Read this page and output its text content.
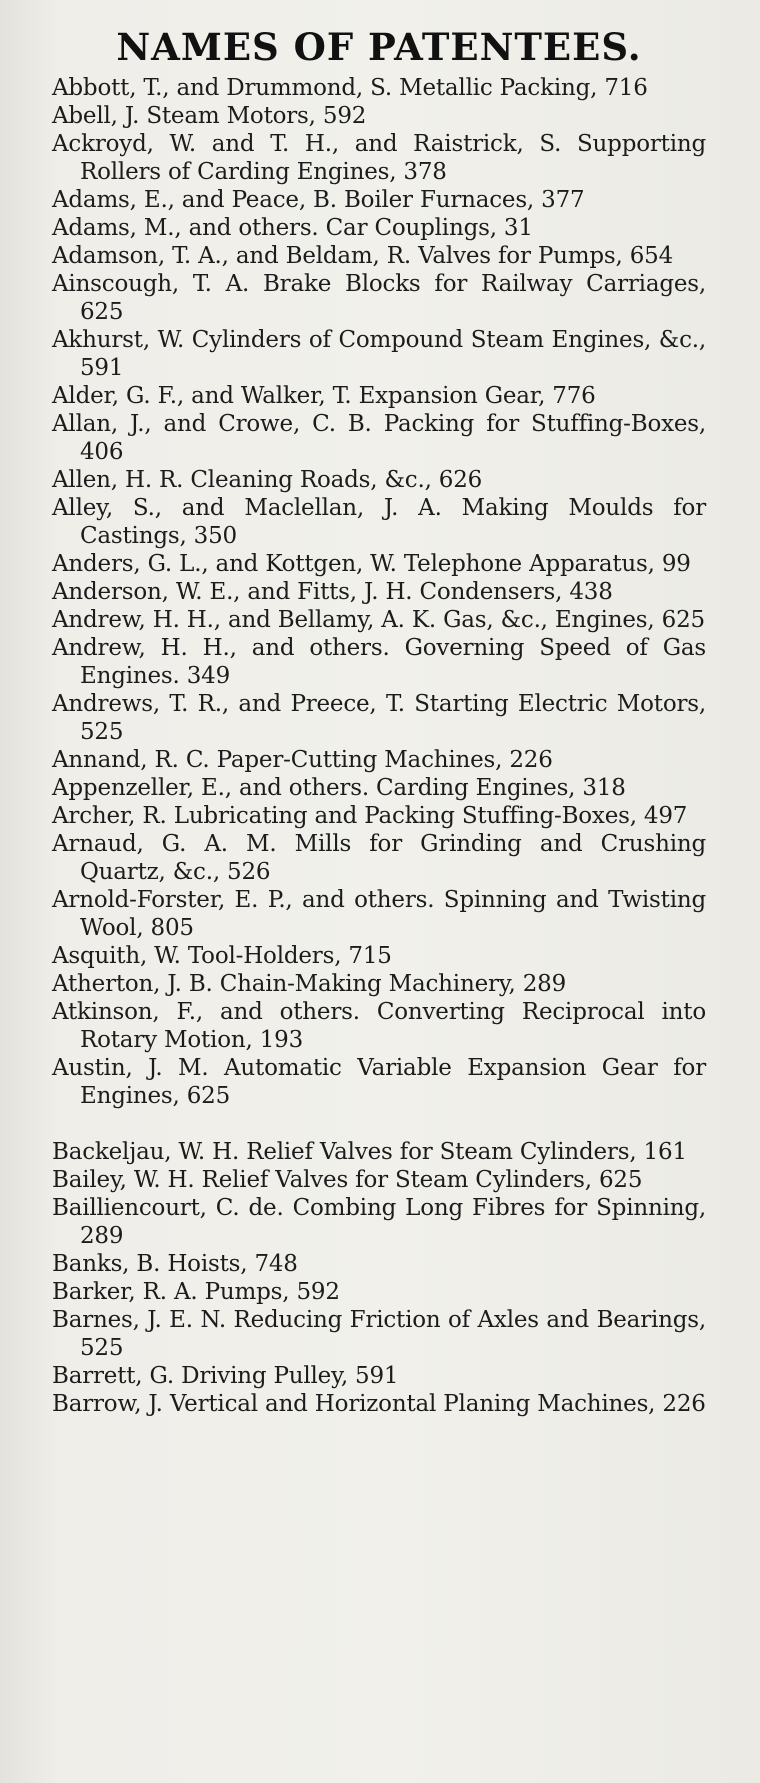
NAMES OF PATENTEES.
Abbott, T., and Drummond, S. Metallic Packing, 716
Abell, J. Steam Motors, 592
Ackroyd, W. and T. H., and Raistrick, S. Supporting Rollers of Carding Engines, 378
Adams, E., and Peace, B. Boiler Furnaces, 377
Adams, M., and others. Car Couplings, 31
Adamson, T. A., and Beldam, R. Valves for Pumps, 654
Ainscough, T. A. Brake Blocks for Railway Carriages, 625
Akhurst, W. Cylinders of Compound Steam Engines, &c., 591
Alder, G. F., and Walker, T. Expansion Gear, 776
Allan, J., and Crowe, C. B. Packing for Stuffing-Boxes, 406
Allen, H. R. Cleaning Roads, &c., 626
Alley, S., and Maclellan, J. A. Making Moulds for Castings, 350
Anders, G. L., and Kottgen, W. Telephone Apparatus, 99
Anderson, W. E., and Fitts, J. H. Condensers, 438
Andrew, H. H., and Bellamy, A. K. Gas, &c., Engines, 625
Andrew, H. H., and others. Governing Speed of Gas Engines. 349
Andrews, T. R., and Preece, T. Starting Electric Motors, 525
Annand, R. C. Paper-Cutting Machines, 226
Appenzeller, E., and others. Carding Engines, 318
Archer, R. Lubricating and Packing Stuffing-Boxes, 497
Arnaud, G. A. M. Mills for Grinding and Crushing Quartz, &c., 526
Arnold-Forster, E. P., and others. Spinning and Twisting Wool, 805
Asquith, W. Tool-Holders, 715
Atherton, J. B. Chain-Making Machinery, 289
Atkinson, F., and others. Converting Reciprocal into Rotary Motion, 193
Austin, J. M. Automatic Variable Expansion Gear for Engines, 625
Backeljau, W. H. Relief Valves for Steam Cylinders, 161
Bailey, W. H. Relief Valves for Steam Cylinders, 625
Bailliencourt, C. de. Combing Long Fibres for Spinning, 289
Banks, B. Hoists, 748
Barker, R. A. Pumps, 592
Barnes, J. E. N. Reducing Friction of Axles and Bearings, 525
Barrett, G. Driving Pulley, 591
Barrow, J. Vertical and Horizontal Planing Machines, 226
